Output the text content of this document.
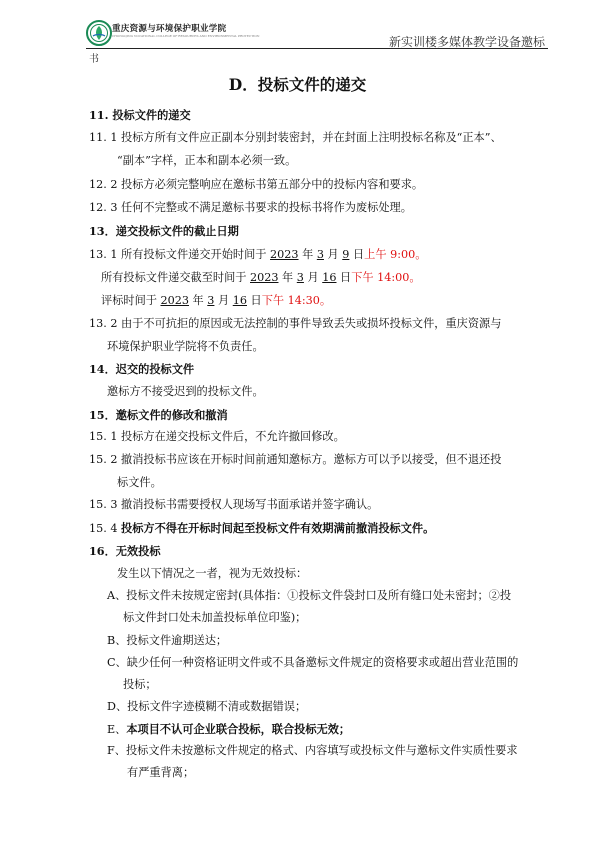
重庆资源与环境保护职业学院
CHONGQING VOCATIONAL COLLEGE OF RESOURCES AND ENVIRONMENTAL PROTECTION	新实训楼多媒体教学设备邀标
书
D．投标文件的递交
11. 投标文件的递交
11. 1 投标方所有文件应正副本分别封装密封，并在封面上注明投标名称及“正本”、
“副本”字样，正本和副本必须一致。
12. 2 投标方必须完整响应在邀标书第五部分中的投标内容和要求。
12. 3 任何不完整或不满足邀标书要求的投标书将作为废标处理。
13．递交投标文件的截止日期
13. 1 所有投标文件递交开始时间于 2023 年 3 月 9 日上午 9:00。
所有投标文件递交截至时间于 2023 年 3 月 16 日下午 14:00。
评标时间于 2023 年 3 月 16 日下午 14:30。
13. 2 由于不可抗拒的原因或无法控制的事件导致丢失或损坏投标文件，重庆资源与
环境保护职业学院将不负责任。
14．迟交的投标文件
邀标方不接受迟到的投标文件。
15．邀标文件的修改和撤消
15. 1 投标方在递交投标文件后，不允许撤回修改。
15. 2 撤消投标书应该在开标时间前通知邀标方。邀标方可以予以接受，但不退还投
标文件。
15. 3 撤消投标书需要授权人现场写书面承诺并签字确认。
15. 4 投标方不得在开标时间起至投标文件有效期满前撤消投标文件。
16．无效投标
发生以下情况之一者，视为无效投标：
A、投标文件未按规定密封(具体指：①投标文件袋封口及所有缝口处未密封；②投
标文件封口处未加盖投标单位印鉴)；
B、投标文件逾期送达；
C、缺少任何一种资格证明文件或不具备邀标文件规定的资格要求或超出营业范围的
投标；
D、投标文件字迹模糊不清或数据错误；
E、本项目不认可企业联合投标，联合投标无效；
F、投标文件未按邀标文件规定的格式、内容填写或投标文件与邀标文件实质性要求
有严重背离；
